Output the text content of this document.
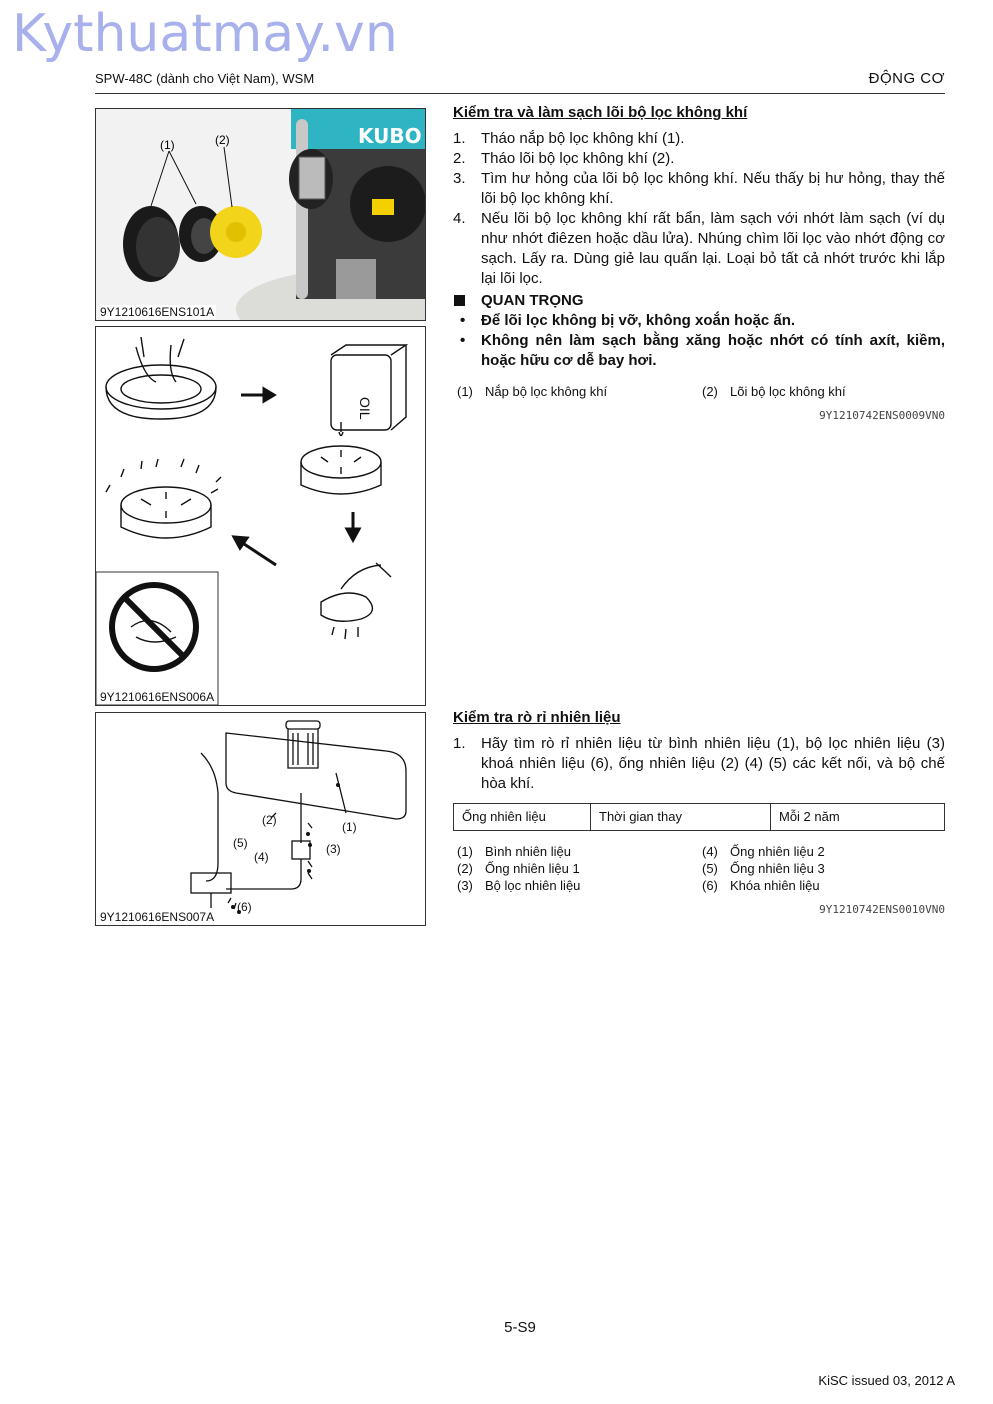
Kythuatmay.vn
SPW-48C (dành cho Việt Nam), WSM	ĐỘNG CƠ
KUBO
(1)	(2)
9Y1210616ENS101A
OIL
9Y1210616ENS006A
(1)
(2)
(3)
(4)
(5)
(6)
9Y1210616ENS007A
Kiểm tra và làm sạch lõi bộ lọc không khí
1. Tháo nắp bộ lọc không khí (1).
2. Tháo lõi bộ lọc không khí (2).
3. Tìm hư hỏng của lõi bộ lọc không khí. Nếu thấy bị hư hỏng, thay thế lõi bộ lọc không khí.
4. Nếu lõi bộ lọc không khí rất bẩn, làm sạch với nhớt làm sạch (ví dụ như nhớt điêzen hoặc dầu lửa). Nhúng chìm lõi lọc vào nhớt động cơ sạch. Lấy ra. Dùng giẻ lau quấn lại. Loại bỏ tất cả nhớt trước khi lắp lại lõi lọc.
QUAN TRỌNG
• Để lõi lọc không bị vỡ, không xoắn hoặc ấn.
• Không nên làm sạch bằng xăng hoặc nhớt có tính axít, kiềm, hoặc hữu cơ dễ bay hơi.
(1) Nắp bộ lọc không khí	(2) Lõi bộ lọc không khí
9Y1210742ENS0009VN0
Kiểm tra rò rỉ nhiên liệu
1. Hãy tìm rò rỉ nhiên liệu từ bình nhiên liệu (1), bộ lọc nhiên liệu (3) khoá nhiên liệu (6), ống nhiên liệu (2) (4) (5) các kết nối, và bộ chế hòa khí.
Ống nhiên liệu	Thời gian thay	Mỗi 2 năm
(1) Bình nhiên liệu	(4) Ống nhiên liệu 2
(2) Ống nhiên liệu 1	(5) Ống nhiên liệu 3
(3) Bộ lọc nhiên liệu	(6) Khóa nhiên liệu
9Y1210742ENS0010VN0
5-S9
KiSC issued 03, 2012 A
